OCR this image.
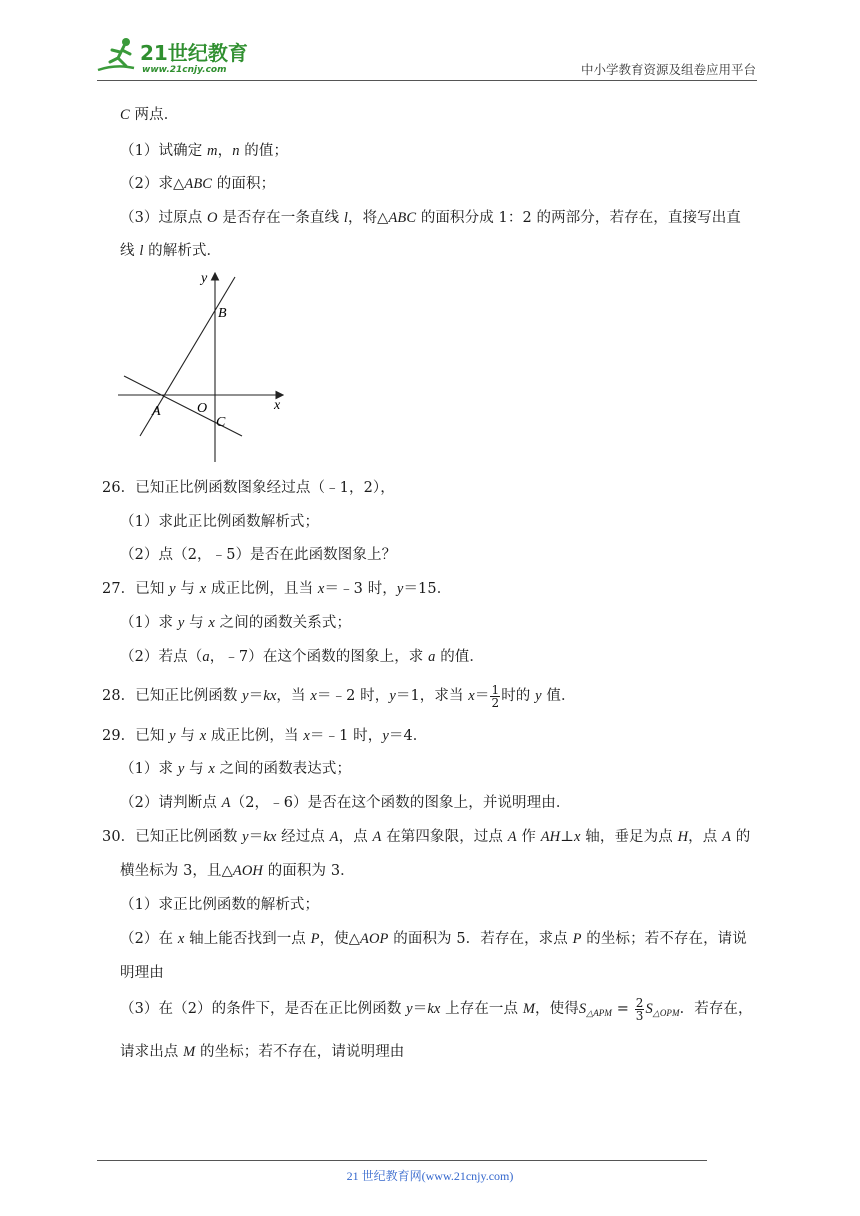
21世纪教育
www.21cnjy.com	中小学教育资源及组卷应用平台
C 两点．
（1）试确定 m，n 的值；
（2）求△ABC 的面积；
（3）过原点 O 是否存在一条直线 l，将△ABC 的面积分成 1：2 的两部分，若存在，直接写出直
线 l 的解析式．
y
x
B
A	O
C
26．已知正比例函数图象经过点（﹣1，2），
（1）求此正比例函数解析式；
（2）点（2，﹣5）是否在此函数图象上？
27．已知 y 与 x 成正比例，且当 x＝﹣3 时，y＝15．
（1）求 y 与 x 之间的函数关系式；
（2）若点（a，﹣7）在这个函数的图象上，求 a 的值．
28．已知正比例函数 y＝kx，当 x＝﹣2 时，y＝1，求当 $x= \frac{1}{2}$ 时的 y 值．
29．已知 y 与 x 成正比例，当 x＝﹣1 时，y＝4．
（1）求 y 与 x 之间的函数表达式；
（2）请判断点 A（2，﹣6）是否在这个函数的图象上，并说明理由．
30．已知正比例函数 y＝kx 经过点 A，点 A 在第四象限，过点 A 作 AH⊥x 轴，垂足为点 H，点 A 的
横坐标为 3，且△AOH 的面积为 3．
（1）求正比例函数的解析式；
（2）在 x 轴上能否找到一点 P，使△AOP 的面积为 5．若存在，求点 P 的坐标；若不存在，请说
明理由
（3）在（2）的条件下，是否在正比例函数 y＝kx 上存在一点 M，使得$S_{\triangle APM} = \frac{2}{3} S_{\triangle OPM}$．若存在，
请求出点 M 的坐标；若不存在，请说明理由
21 世纪教育网(www.21cnjy.com)
